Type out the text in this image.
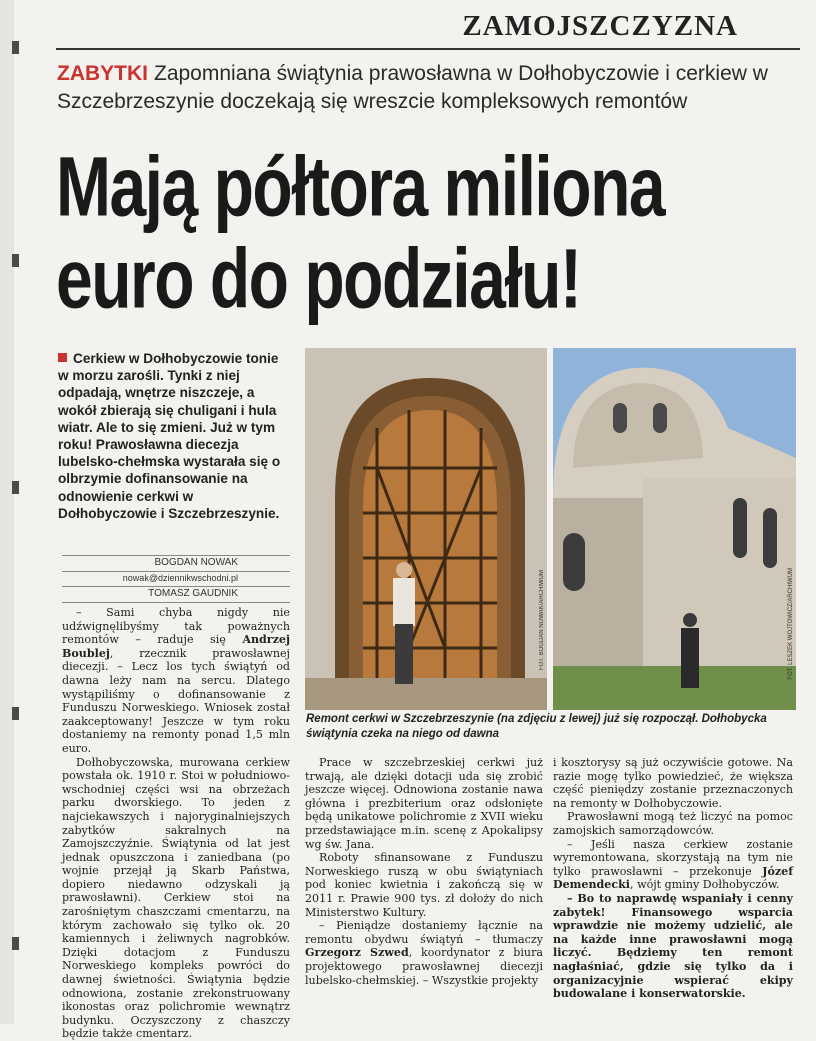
ZAMOJSZCZYZNA
ZABYTKI Zapomniana świątynia prawosławna w Dołhobyczowie i cerkiew w Szczebrzeszynie doczekają się wreszcie kompleksowych remontów
Mają półtora miliona
euro do podziału!
Cerkiew w Dołhobyczowie tonie w morzu zarośli. Tynki z niej odpadają, wnętrze niszczeje, a wokół zbierają się chuligani i hula wiatr. Ale to się zmieni. Już w tym roku! Prawosławna diecezja lubelsko-chełmska wystarała się o olbrzymie dofinansowanie na odnowienie cerkwi w Dołhobyczowie i Szczebrzeszynie.
BOGDAN NOWAK
nowak@dziennikwschodni.pl
TOMASZ GAUDNIK	FOT. BOGDAN NOWAK/ARCHIWUM	FOT. LESZEK WÓJTOWICZ/ARCHIWUM
Remont cerkwi w Szczebrzeszynie (na zdjęciu z lewej) już się rozpoczął. Dołhobycka świątynia czeka na niego od dawna

– Sami chyba nigdy nie udźwignęlibyśmy tak poważnych remontów – raduje się Andrzej Boublej, rzecznik prawosławnej diecezji. – Lecz los tych świątyń od dawna leży nam na sercu. Dlatego wystąpiliśmy o dofinansowanie z Funduszu Norweskiego. Wniosek został zaakceptowany! Jeszcze w tym roku dostaniemy na remonty ponad 1,5 mln euro.

Dołhobyczowska, murowana cerkiew powstała ok. 1910 r. Stoi w południowo-wschodniej części wsi na obrzeżach parku dworskiego. To jeden z najciekawszych i najoryginalniejszych zabytków sakralnych na Zamojszczyźnie. Świątynia od lat jest jednak opuszczona i zaniedbana (po wojnie przejął ją Skarb Państwa, dopiero niedawno odzyskali ją prawosławni). Cerkiew stoi na zarośniętym chaszczami cmentarzu, na którym zachowało się tylko ok. 20 kamiennych i żeliwnych nagrobków. Dzięki dotacjom z Funduszu Norweskiego kompleks powróci do dawnej świetności. Świątynia będzie odnowiona, zostanie zrekonstruowany ikonostas oraz polichromie wewnątrz budynku. Oczyszczony z chaszczy będzie także cmentarz.

Prace w szczebrzeskiej cerkwi już trwają, ale dzięki dotacji uda się zrobić jeszcze więcej. Odnowiona zostanie nawa główna i prezbiterium oraz odsłonięte będą unikatowe polichromie z XVII wieku przedstawiające m.in. scenę z Apokalipsy wg św. Jana.

Roboty sfinansowane z Funduszu Norweskiego ruszą w obu świątyniach pod koniec kwietnia i zakończą się w 2011 r. Prawie 900 tys. zł dołoży do nich Ministerstwo Kultury.

– Pieniądze dostaniemy łącznie na remontu obydwu świątyń – tłumaczy Grzegorz Szwed, koordynator z biura projektowego prawosławnej diecezji lubelsko-chełmskiej. – Wszystkie projekty

i kosztorysy są już oczywiście gotowe. Na razie mogę tylko powiedzieć, że większa część pieniędzy zostanie przeznaczonych na remonty w Dołhobyczowie.

Prawosławni mogą też liczyć na pomoc zamojskich samorządowców.

– Jeśli nasza cerkiew zostanie wyremontowana, skorzystają na tym nie tylko prawosławni – przekonuje Józef Demendecki, wójt gminy Dołhobyczów.

– Bo to naprawdę wspaniały i cenny zabytek! Finansowego wsparcia wprawdzie nie możemy udzielić, ale na każde inne prawosławni mogą liczyć. Będziemy ten remont nagłaśniać, gdzie się tylko da i organizacyjnie wspierać ekipy budowalane i konserwatorskie.
